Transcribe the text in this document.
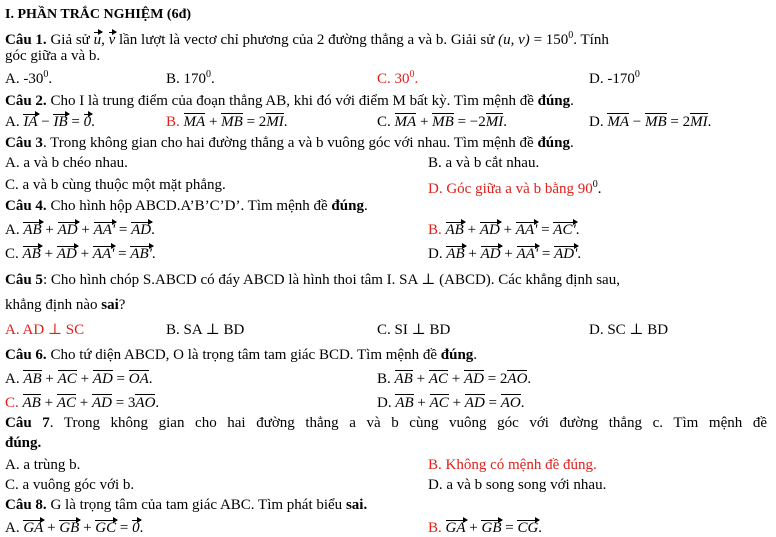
I. PHẦN TRẮC NGHIỆM (6đ)
Câu 1. Giả sử u, v lần lượt là vectơ chỉ phương của 2 đường thẳng a và b. Giải sử (u, $v) = 150^0$. Tính
góc giữa a và b.
A. $-30^0$.	B. $170^0$.	C. $30^0$.	D. $-170^0$
Câu 2. Cho I là trung điểm của đoạn thẳng AB, khi đó với điểm M bất kỳ. Tìm mệnh đề đúng.
A. IA − IB = 0.	B. MA + MB = 2MI.	C. MA + MB = −2MI.	D. MA − MB = 2MI.
Câu 3. Trong không gian cho hai đường thẳng a và b vuông góc với nhau. Tìm mệnh đề đúng.
A. a và b chéo nhau.	B. a và b cắt nhau.
C. a và b cùng thuộc một mặt phẳng.	D. Góc giữa a và b bằng $90^0$.
Câu 4. Cho hình hộp ABCD.A’B’C’D’. Tìm mệnh đề đúng.
A. AB + AD + AA' = AD.	B. AB + AD + AA' = AC'.
C. AB + AD + AA' = AB'.	D. AB + AD + AA' = AD'.
Câu 5: Cho hình chóp S.ABCD có đáy ABCD là hình thoi tâm I. SA ⊥ (ABCD). Các khẳng định sau,
khẳng định nào sai?
A. AD ⊥ SC	B. SA ⊥ BD	C. SI ⊥ BD	D. SC ⊥ BD
Câu 6. Cho tứ diện ABCD, O là trọng tâm tam giác BCD. Tìm mệnh đề đúng.
A. AB + AC + AD = OA.	B. AB + AC + AD = 2AO.
C. AB + AC + AD = 3AO.	D. AB + AC + AD = AO.
Câu 7. Trong không gian cho hai đường thẳng a và b cùng vuông góc với đường thẳng c. Tìm mệnh đề
đúng.
A. a trùng b.	B. Không có mệnh đề đúng.
C. a vuông góc với b.	D. a và b song song với nhau.
Câu 8. G là trọng tâm của tam giác ABC. Tìm phát biểu sai.
A. GA + GB + GC = 0.	B. GA + GB = CG.
